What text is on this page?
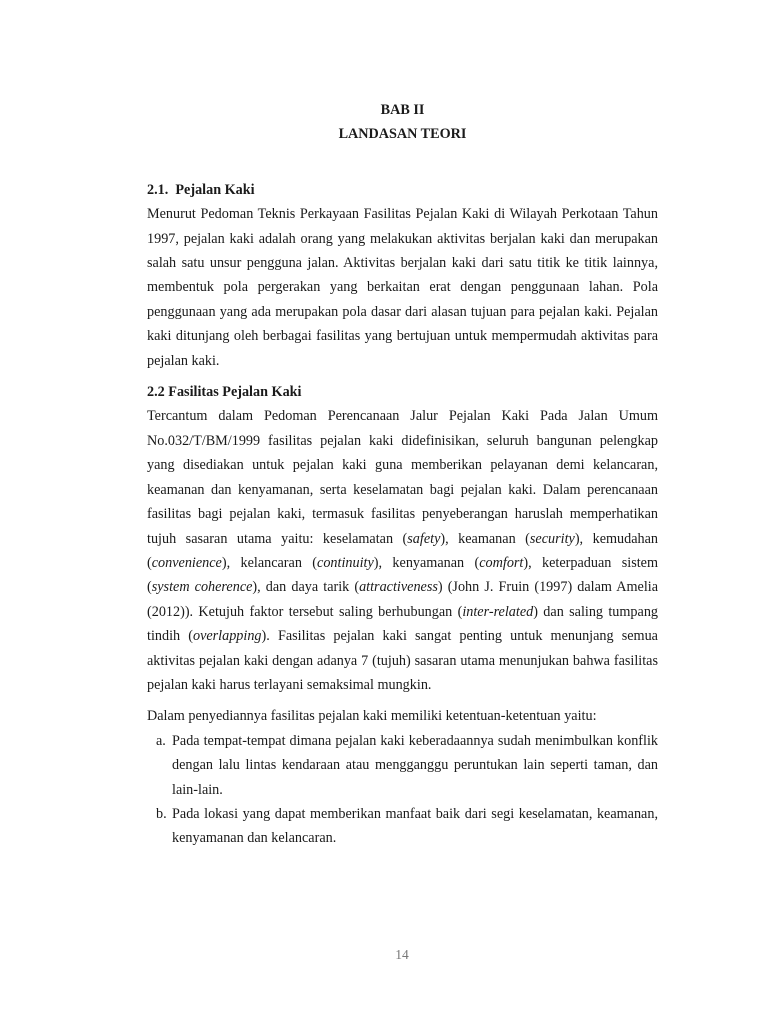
BAB II

LANDASAN TEORI

2.1.  Pejalan Kaki

Menurut Pedoman Teknis Perkayaan Fasilitas Pejalan Kaki di Wilayah Perkotaan Tahun 1997, pejalan kaki adalah orang yang melakukan aktivitas berjalan kaki dan merupakan salah satu unsur pengguna jalan. Aktivitas berjalan kaki dari satu titik ke titik lainnya, membentuk pola pergerakan yang berkaitan erat dengan penggunaan lahan. Pola penggunaan yang ada merupakan pola dasar dari alasan tujuan para pejalan kaki. Pejalan kaki ditunjang oleh berbagai fasilitas yang bertujuan untuk mempermudah aktivitas para pejalan kaki.

2.2 Fasilitas Pejalan Kaki

Tercantum dalam Pedoman Perencanaan Jalur Pejalan Kaki Pada Jalan Umum No.032/T/BM/1999 fasilitas pejalan kaki didefinisikan, seluruh bangunan pelengkap yang disediakan untuk pejalan kaki guna memberikan pelayanan demi kelancaran, keamanan dan kenyamanan, serta keselamatan bagi pejalan kaki. Dalam perencanaan fasilitas bagi pejalan kaki, termasuk fasilitas penyeberangan haruslah memperhatikan tujuh sasaran utama yaitu: keselamatan (safety), keamanan (security), kemudahan (convenience), kelancaran (continuity), kenyamanan (comfort), keterpaduan sistem (system coherence), dan daya tarik (attractiveness) (John J. Fruin (1997) dalam Amelia (2012)). Ketujuh faktor tersebut saling berhubungan (inter-related) dan saling tumpang tindih (overlapping). Fasilitas pejalan kaki sangat penting untuk menunjang semua aktivitas pejalan kaki dengan adanya 7 (tujuh) sasaran utama menunjukan bahwa fasilitas pejalan kaki harus terlayani semaksimal mungkin.

Dalam penyediannya fasilitas pejalan kaki memiliki ketentuan-ketentuan yaitu:

a. Pada tempat-tempat dimana pejalan kaki keberadaannya sudah menimbulkan konflik dengan lalu lintas kendaraan atau mengganggu peruntukan lain seperti taman, dan lain-lain.
b. Pada lokasi yang dapat memberikan manfaat baik dari segi keselamatan, keamanan, kenyamanan dan kelancaran.
14
